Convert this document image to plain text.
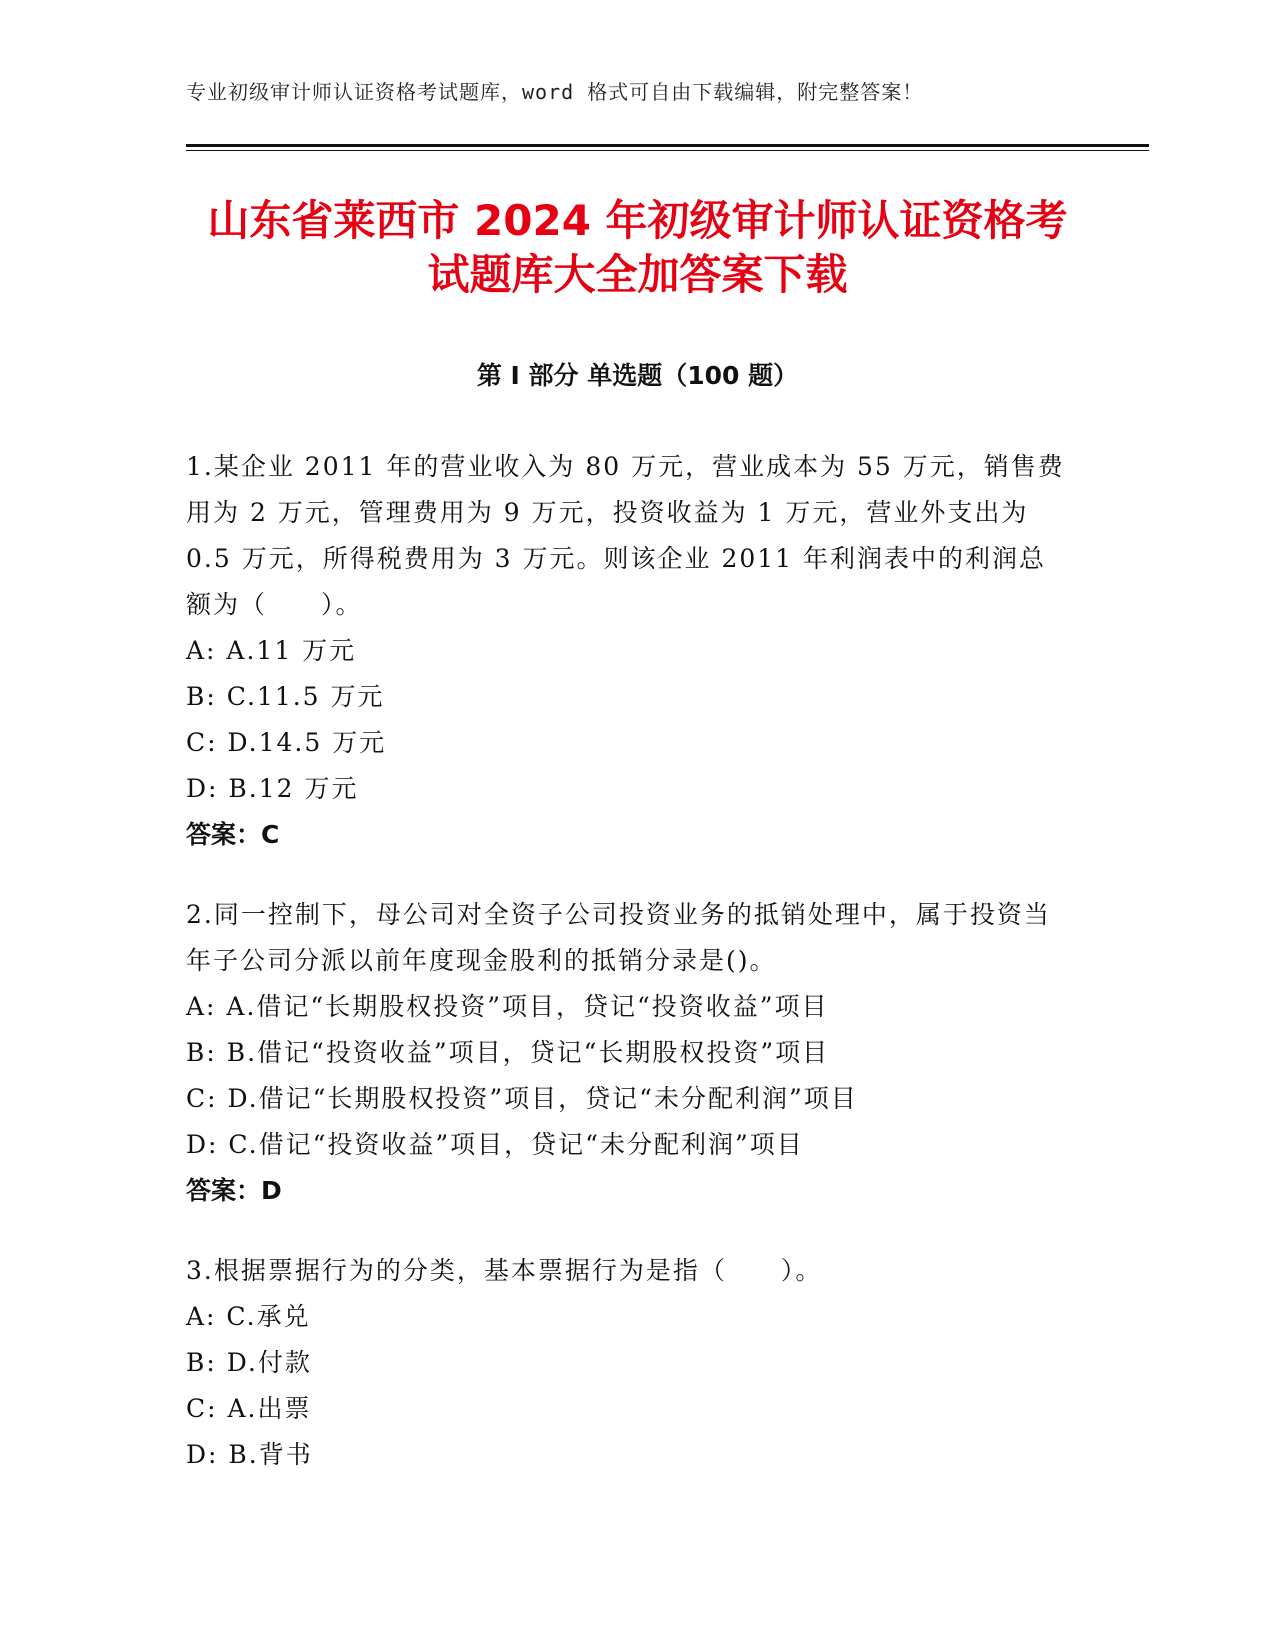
专业初级审计师认证资格考试题库，word 格式可自由下载编辑，附完整答案！
山东省莱西市 2024 年初级审计师认证资格考
试题库大全加答案下载
第 I 部分 单选题（100 题）

1.某企业 2011 年的营业收入为 80 万元，营业成本为 55 万元，销售费用为 2 万元，管理费用为 9 万元，投资收益为 1 万元，营业外支出为 0.5 万元，所得税费用为 3 万元。则该企业 2011 年利润表中的利润总额为（　　）。

A: A.11 万元
B: C.11.5 万元
C: D.14.5 万元
D: B.12 万元
答案：C

2.同一控制下，母公司对全资子公司投资业务的抵销处理中，属于投资当年子公司分派以前年度现金股利的抵销分录是()。

A: A.借记“长期股权投资”项目，贷记“投资收益”项目
B: B.借记“投资收益”项目，贷记“长期股权投资”项目
C: D.借记“长期股权投资”项目，贷记“未分配利润”项目
D: C.借记“投资收益”项目，贷记“未分配利润”项目
答案：D

3.根据票据行为的分类，基本票据行为是指（　　）。

A: C.承兑
B: D.付款
C: A.出票
D: B.背书
